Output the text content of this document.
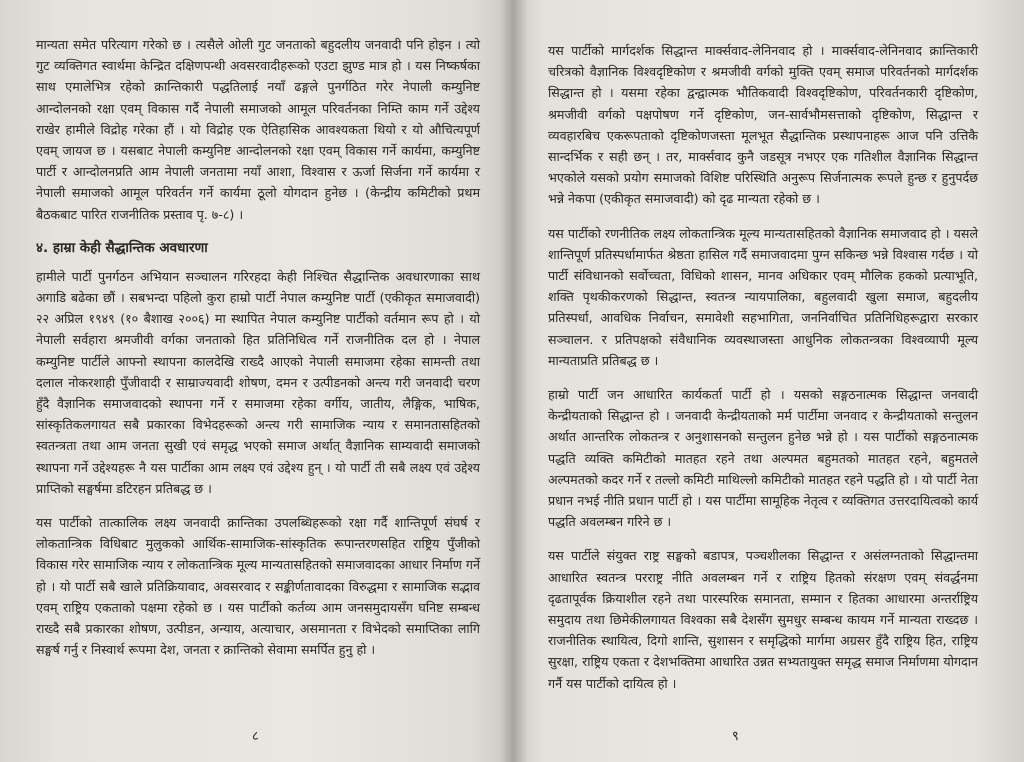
मान्यता समेत परित्याग गरेको छ । त्यसैले ओली गुट जनताको बहुदलीय जनवादी पनि होइन । त्यो गुट व्यक्तिगत स्वार्थमा केन्द्रित दक्षिणपन्थी अवसरवादीहरूको एउटा झुण्ड मात्र हो । यस निष्कर्षका साथ एमालेभित्र रहेको क्रान्तिकारी पद्धतिलाई नयाँ ढङ्गले पुनर्गठित गरेर नेपाली कम्युनिष्ट आन्दोलनको रक्षा एवम् विकास गर्दै नेपाली समाजको आमूल परिवर्तनका निम्ति काम गर्ने उद्देश्य राखेर हामीले विद्रोह गरेका हौं । यो विद्रोह एक ऐतिहासिक आवश्यकता थियो र यो औचित्यपूर्ण एवम् जायज छ । यसबाट नेपाली कम्युनिष्ट आन्दोलनको रक्षा एवम् विकास गर्ने कार्यमा, कम्युनिष्ट पार्टी र आन्दोलनप्रति आम नेपाली जनतामा नयाँ आशा, विश्वास र ऊर्जा सिर्जना गर्ने कार्यमा र नेपाली समाजको आमूल परिवर्तन गर्ने कार्यमा ठूलो योगदान हुनेछ । (केन्द्रीय कमिटीको प्रथम बैठकबाट पारित राजनीतिक प्रस्ताव पृ. ७-८) ।

४. हाम्रा केही सैद्धान्तिक अवधारणा

हामीले पार्टी पुनर्गठन अभियान सञ्चालन गरिरहदा केही निश्चित सैद्धान्तिक अवधारणाका साथ अगाडि बढेका छौं । सबभन्दा पहिलो कुरा हाम्रो पार्टी नेपाल कम्युनिष्ट पार्टी (एकीकृत समाजवादी) २२ अप्रिल १९४९ (१० बैशाख २००६) मा स्थापित नेपाल कम्युनिष्ट पार्टीको वर्तमान रूप हो । यो नेपाली सर्वहारा श्रमजीवी वर्गका जनताको हित प्रतिनिधित्व गर्ने राजनीतिक दल हो । नेपाल कम्युनिष्ट पार्टीले आफ्नो स्थापना कालदेखि राख्दै आएको नेपाली समाजमा रहेका सामन्ती तथा दलाल नोकरशाही पुँजीवादी र साम्राज्यवादी शोषण, दमन र उत्पीडनको अन्त्य गरी जनवादी चरण हुँदै वैज्ञानिक समाजवादको स्थापना गर्ने र समाजमा रहेका वर्गीय, जातीय, लैङ्गिक, भाषिक, सांस्कृतिकलगायत सबै प्रकारका विभेदहरूको अन्त्य गरी सामाजिक न्याय र समानतासहितको स्वतन्त्रता तथा आम जनता सुखी एवं समृद्ध भएको समाज अर्थात् वैज्ञानिक साम्यवादी समाजको स्थापना गर्ने उद्देश्यहरू नै यस पार्टीका आम लक्ष्य एवं उद्देश्य हुन् । यो पार्टी ती सबै लक्ष्य एवं उद्देश्य प्राप्तिको सङ्घर्षमा डटिरहन प्रतिबद्ध छ ।

यस पार्टीको तात्कालिक लक्ष्य जनवादी क्रान्तिका उपलब्धिहरूको रक्षा गर्दै शान्तिपूर्ण संघर्ष र लोकतान्त्रिक विधिबाट मुलुकको आर्थिक-सामाजिक-सांस्कृतिक रूपान्तरणसहित राष्ट्रिय पुँजीको विकास गरेर सामाजिक न्याय र लोकतान्त्रिक मूल्य मान्यतासहितको समाजवादका आधार निर्माण गर्ने हो । यो पार्टी सबै खाले प्रतिक्रियावाद, अवसरवाद र सङ्कीर्णतावादका विरुद्धमा र सामाजिक सद्भाव एवम् राष्ट्रिय एकताको पक्षमा रहेको छ । यस पार्टीको कर्तव्य आम जनसमुदायसँग घनिष्ट सम्बन्ध राख्दै सबै प्रकारका शोषण, उत्पीडन, अन्याय, अत्याचार, असमानता र विभेदको समाप्तिका लागि सङ्घर्ष गर्नु र निस्वार्थ रूपमा देश, जनता र क्रान्तिको सेवामा समर्पित हुनु हो ।

८

यस पार्टीको मार्गदर्शक सिद्धान्त मार्क्सवाद-लेनिनवाद हो । मार्क्सवाद-लेनिनवाद क्रान्तिकारी चरित्रको वैज्ञानिक विश्वदृष्टिकोण र श्रमजीवी वर्गको मुक्ति एवम् समाज परिवर्तनको मार्गदर्शक सिद्धान्त हो । यसमा रहेका द्वन्द्वात्मक भौतिकवादी विश्वदृष्टिकोण, परिवर्तनकारी दृष्टिकोण, श्रमजीवी वर्गको पक्षपोषण गर्ने दृष्टिकोण, जन-सार्वभौमसत्ताको दृष्टिकोण, सिद्धान्त र व्यवहारबिच एकरूपताको दृष्टिकोणजस्ता मूलभूत सैद्धान्तिक प्रस्थापनाहरू आज पनि उत्तिकै सान्दर्भिक र सही छन् । तर, मार्क्सवाद कुनै जडसूत्र नभएर एक गतिशील वैज्ञानिक सिद्धान्त भएकोले यसको प्रयोग समाजको विशिष्ट परिस्थिति अनुरूप सिर्जनात्मक रूपले हुन्छ र हुनुपर्दछ भन्ने नेकपा (एकीकृत समाजवादी) को दृढ मान्यता रहेको छ ।

यस पार्टीको रणनीतिक लक्ष्य लोकतान्त्रिक मूल्य मान्यतासहितको वैज्ञानिक समाजवाद हो । यसले शान्तिपूर्ण प्रतिस्पर्धामार्फत श्रेष्ठता हासिल गर्दै समाजवादमा पुग्न सकिन्छ भन्ने विश्वास गर्दछ । यो पार्टी संविधानको सर्वोच्चता, विधिको शासन, मानव अधिकार एवम् मौलिक हकको प्रत्याभूति, शक्ति पृथकीकरणको सिद्धान्त, स्वतन्त्र न्यायपालिका, बहुलवादी खुला समाज, बहुदलीय प्रतिस्पर्धा, आवधिक निर्वाचन, समावेशी सहभागिता, जननिर्वाचित प्रतिनिधिहरूद्वारा सरकार सञ्चालन. र प्रतिपक्षको संवैधानिक व्यवस्थाजस्ता आधुनिक लोकतन्त्रका विश्वव्यापी मूल्य मान्यताप्रति प्रतिबद्ध छ ।

हाम्रो पार्टी जन आधारित कार्यकर्ता पार्टी हो । यसको सङ्गठनात्मक सिद्धान्त जनवादी केन्द्रीयताको सिद्धान्त हो । जनवादी केन्द्रीयताको मर्म पार्टीमा जनवाद र केन्द्रीयताको सन्तुलन अर्थात आन्तरिक लोकतन्त्र र अनुशासनको सन्तुलन हुनेछ भन्ने हो । यस पार्टीको सङ्गठनात्मक पद्धति व्यक्ति कमिटीको मातहत रहने तथा अल्पमत बहुमतको मातहत रहने, बहुमतले अल्पमतको कदर गर्ने र तल्लो कमिटी माथिल्लो कमिटीको मातहत रहने पद्धति हो । यो पार्टी नेता प्रधान नभई नीति प्रधान पार्टी हो । यस पार्टीमा सामूहिक नेतृत्व र व्यक्तिगत उत्तरदायित्वको कार्य पद्धति अवलम्बन गरिने छ ।

यस पार्टीले संयुक्त राष्ट्र सङ्घको बडापत्र, पञ्चशीलका सिद्धान्त र असंलग्नताको सिद्धान्तमा आधारित स्वतन्त्र परराष्ट्र नीति अवलम्बन गर्ने र राष्ट्रिय हितको संरक्षण एवम् संवर्द्धनमा दृढतापूर्वक क्रियाशील रहने तथा पारस्परिक समानता, सम्मान र हितका आधारमा अन्तर्राष्ट्रिय समुदाय तथा छिमेकीलगायत विश्वका सबै देशसँग सुमधुर सम्बन्ध कायम गर्ने मान्यता राख्दछ । राजनीतिक स्थायित्व, दिगो शान्ति, सुशासन र समृद्धिको मार्गमा अग्रसर हुँदै राष्ट्रिय हित, राष्ट्रिय सुरक्षा, राष्ट्रिय एकता र देशभक्तिमा आधारित उन्नत सभ्यतायुक्त समृद्ध समाज निर्माणमा योगदान गर्नै यस पार्टीको दायित्व हो ।

९
